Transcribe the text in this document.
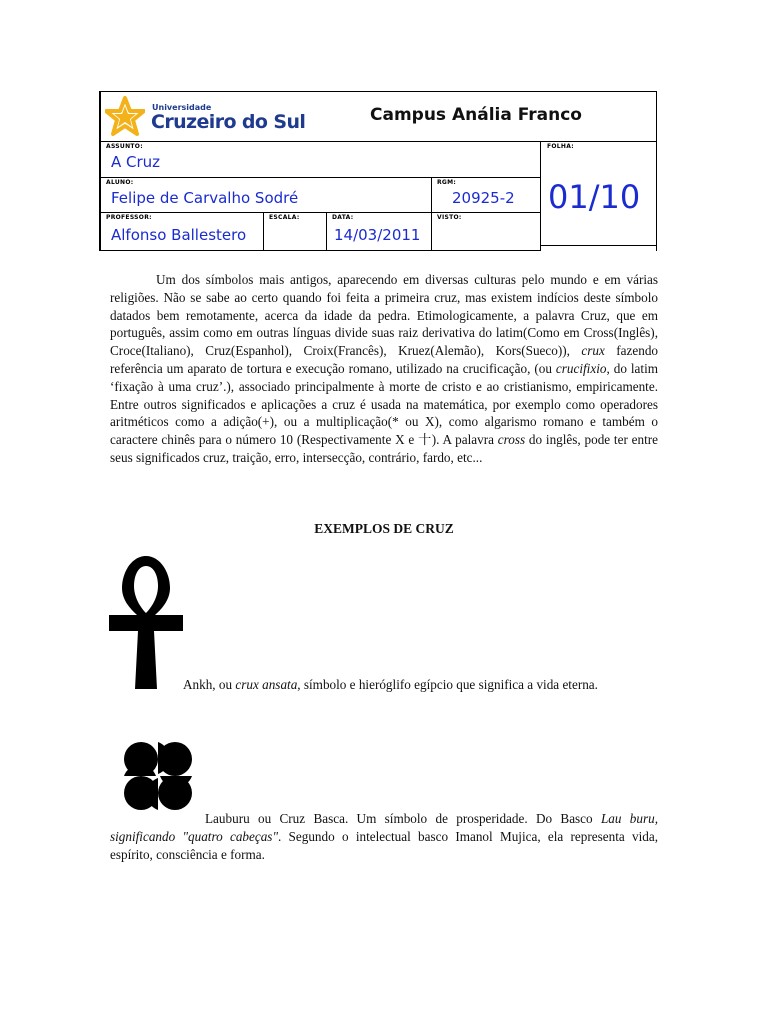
Universidade
Cruzeiro do Sul	Campus Anália Franco
ASSUNTO:
A Cruz
FOLHA:
01/10
ALUNO:
Felipe de Carvalho Sodré
RGM:
20925-2
PROFESSOR:
Alfonso Ballestero
ESCALA:	DATA:
14/03/2011
VISTO:

Um dos símbolos mais antigos, aparecendo em diversas culturas pelo mundo e em várias religiões. Não se sabe ao certo quando foi feita a primeira cruz, mas existem indícios deste símbolo datados bem remotamente, acerca da idade da pedra. Etimologicamente, a palavra Cruz, que em português, assim como em outras línguas divide suas raiz derivativa do latim(Como em Cross(Inglês), Croce(Italiano), Cruz(Espanhol), Croix(Francês), Kruez(Alemão), Kors(Sueco)), crux fazendo referência um aparato de tortura e execução romano, utilizado na crucificação, (ou crucifixio, do latim ‘fixação à uma cruz’.), associado principalmente à morte de cristo e ao cristianismo, empiricamente. Entre outros significados e aplicações a cruz é usada na matemática, por exemplo como operadores aritméticos como a adição(+), ou a multiplicação(* ou X), como algarismo romano e também o caractere chinês para o número 10 (Respectivamente X e 十). A palavra cross do inglês, pode ter entre seus significados cruz, traição, erro, intersecção, contrário, fardo, etc...

EXEMPLOS DE CRUZ
Ankh, ou crux ansata, símbolo e hieróglifo egípcio que significa a vida eterna.
Lauburu ou Cruz Basca. Um símbolo de prosperidade. Do Basco Lau buru, significando "quatro cabeças". Segundo o intelectual basco Imanol Mujica, ela representa vida, espírito, consciência e forma.
